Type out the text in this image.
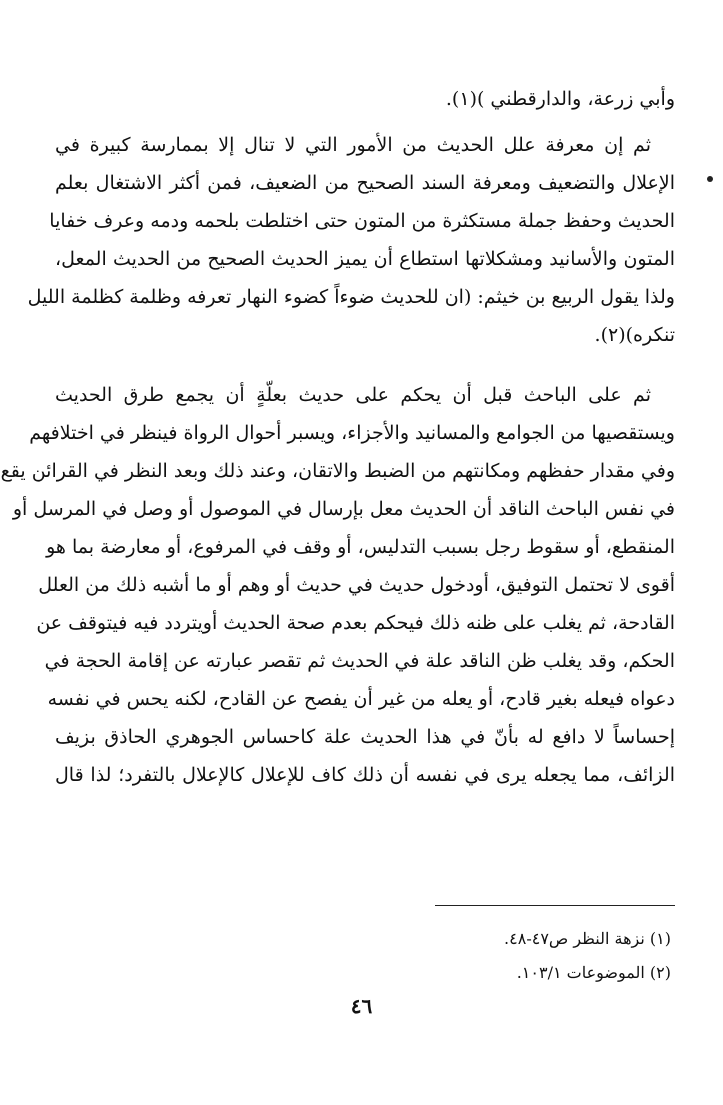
وأبي زرعة، والدارقطني )(١).
ثم إن معرفة علل الحديث من الأمور التي لا تنال إلا بممارسة كبيرة في
الإعلال والتضعيف ومعرفة السند الصحيح من الضعيف، فمن أكثر الاشتغال بعلم
الحديث وحفظ جملة مستكثرة من المتون حتى اختلطت بلحمه ودمه وعرف خفايا
المتون والأسانيد ومشكلاتها استطاع أن يميز الحديث الصحيح من الحديث المعل،
ولذا يقول الربيع بن خيثم: (ان للحديث ضوءاً كضوء النهار تعرفه وظلمة كظلمة الليل
تنكره)(٢).
ثم على الباحث قبل أن يحكم على حديث بعلّةٍ أن يجمع طرق الحديث
ويستقصيها من الجوامع والمسانيد والأجزاء، ويسبر أحوال الرواة فينظر في اختلافهم
وفي مقدار حفظهم ومكانتهم من الضبط والاتقان، وعند ذلك وبعد النظر في القرائن يقع
في نفس الباحث الناقد أن الحديث معل بإرسال في الموصول أو وصل في المرسل أو
المنقطع، أو سقوط رجل بسبب التدليس، أو وقف في المرفوع، أو معارضة بما هو
أقوى لا تحتمل التوفيق، أودخول حديث في حديث أو وهم أو ما أشبه ذلك من العلل
القادحة، ثم يغلب على ظنه ذلك فيحكم بعدم صحة الحديث أويتردد فيه فيتوقف عن
الحكم، وقد يغلب ظن الناقد علة في الحديث ثم تقصر عبارته عن إقامة الحجة في
دعواه فيعله بغير قادح، أو يعله من غير أن يفصح عن القادح، لكنه يحس في نفسه
إحساساً لا دافع له بأنّ في هذا الحديث علة كاحساس الجوهري الحاذق بزيف
الزائف، مما يجعله يرى في نفسه أن ذلك كاف للإعلال كالإعلال بالتفرد؛ لذا قال
(١) نزهة النظر ص٤٧-٤٨.
(٢) الموضوعات ١٠٣/١.
٤٦
